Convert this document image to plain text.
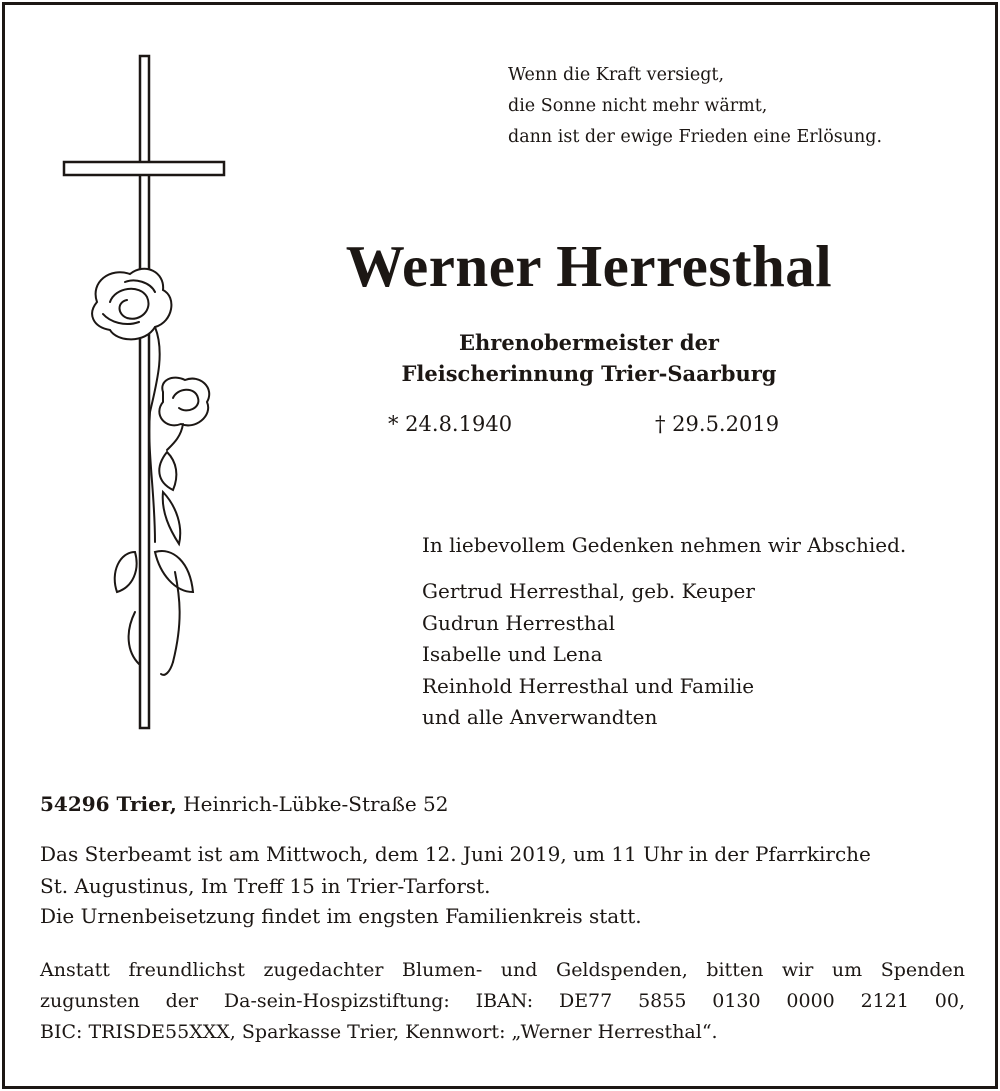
Wenn die Kraft versiegt,
die Sonne nicht mehr wärmt,
dann ist der ewige Frieden eine Erlösung.
Werner Herresthal
Ehrenobermeister der
Fleischerinnung Trier-Saarburg
* 24.8.1940	† 29.5.2019
In liebevollem Gedenken nehmen wir Abschied.
Gertrud Herresthal, geb. Keuper
Gudrun Herresthal
Isabelle und Lena
Reinhold Herresthal und Familie
und alle Anverwandten
54296 Trier, Heinrich-Lübke-Straße 52
Das Sterbeamt ist am Mittwoch, dem 12. Juni 2019, um 11 Uhr in der Pfarrkirche
St. Augustinus, Im Treff 15 in Trier-Tarforst.
Die Urnenbeisetzung findet im engsten Familienkreis statt.
Anstatt freundlichst zugedachter Blumen- und Geldspenden, bitten wir um Spenden
zugunsten der Da-sein-Hospizstiftung: IBAN: DE77 5855 0130 0000 2121 00,
BIC: TRISDE55XXX, Sparkasse Trier, Kennwort: „Werner Herresthal“.
